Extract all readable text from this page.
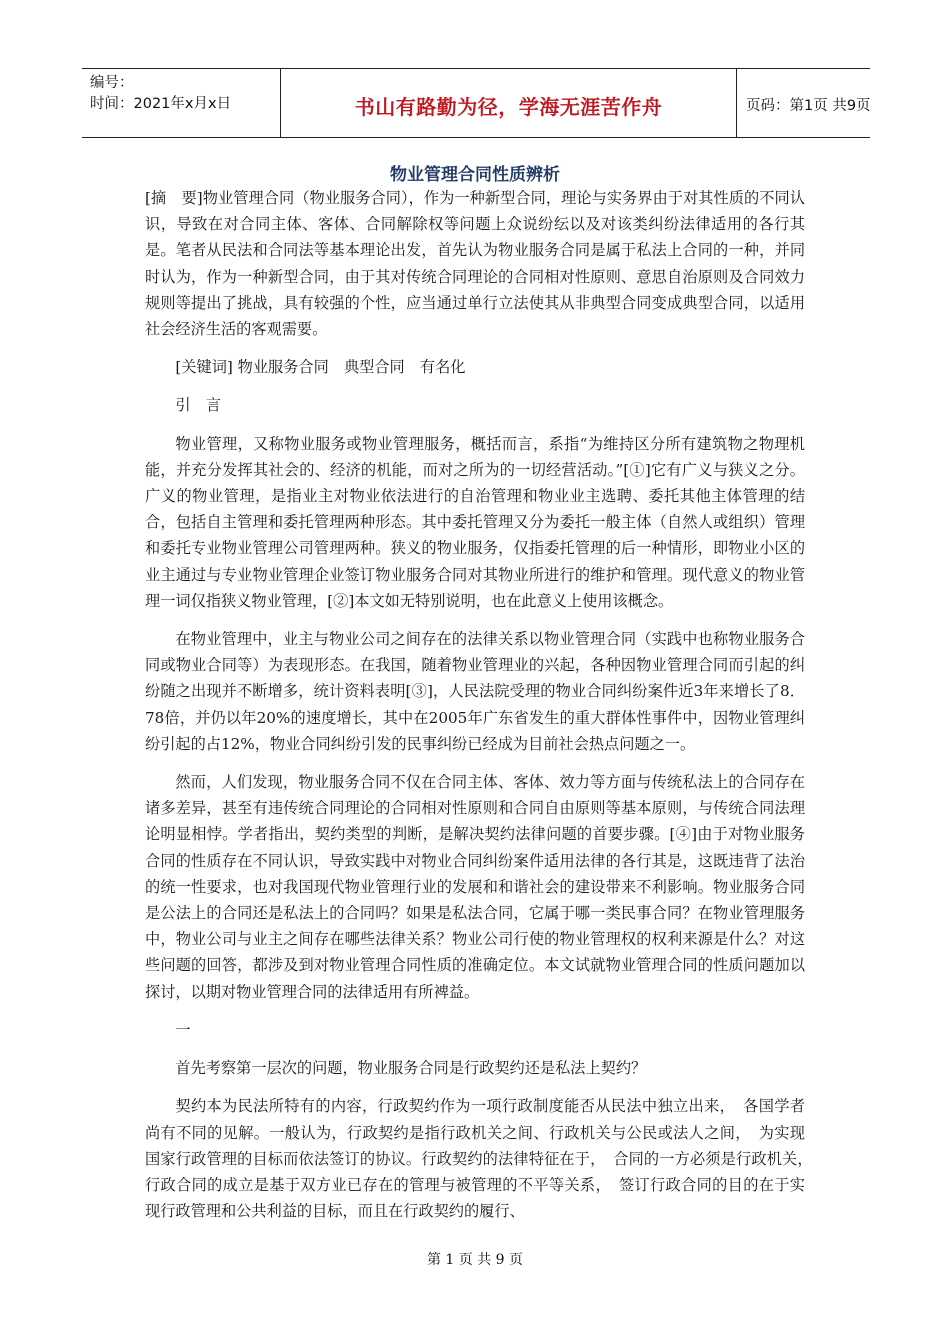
编号：
时间：2021年x月x日	书山有路勤为径，学海无涯苦作舟	页码：第1页 共9页
物业管理合同性质辨析

[摘　要]物业管理合同（物业服务合同），作为一种新型合同，理论与实务界由于对其性质的不同认识，导致在对合同主体、客体、合同解除权等问题上众说纷纭以及对该类纠纷法律适用的各行其是。笔者从民法和合同法等基本理论出发，首先认为物业服务合同是属于私法上合同的一种，并同时认为，作为一种新型合同，由于其对传统合同理论的合同相对性原则、意思自治原则及合同效力规则等提出了挑战，具有较强的个性，应当通过单行立法使其从非典型合同变成典型合同，以适用社会经济生活的客观需要。

[关键词] 物业服务合同　典型合同　有名化

引　言

物业管理，又称物业服务或物业管理服务，概括而言，系指“为维持区分所有建筑物之物理机能，并充分发挥其社会的、经济的机能，而对之所为的一切经营活动。”[①]它有广义与狭义之分。广义的物业管理，是指业主对物业依法进行的自治管理和物业业主选聘、委托其他主体管理的结合，包括自主管理和委托管理两种形态。其中委托管理又分为委托一般主体（自然人或组织）管理和委托专业物业管理公司管理两种。狭义的物业服务，仅指委托管理的后一种情形，即物业小区的业主通过与专业物业管理企业签订物业服务合同对其物业所进行的维护和管理。现代意义的物业管理一词仅指狭义物业管理，[②]本文如无特别说明，也在此意义上使用该概念。

在物业管理中，业主与物业公司之间存在的法律关系以物业管理合同（实践中也称物业服务合同或物业合同等）为表现形态。在我国，随着物业管理业的兴起，各种因物业管理合同而引起的纠纷随之出现并不断增多，统计资料表明[③]，人民法院受理的物业合同纠纷案件近3年来增长了8．78倍，并仍以年20%的速度增长，其中在2005年广东省发生的重大群体性事件中，因物业管理纠纷引起的占12%，物业合同纠纷引发的民事纠纷已经成为目前社会热点问题之一。

然而，人们发现，物业服务合同不仅在合同主体、客体、效力等方面与传统私法上的合同存在诸多差异，甚至有违传统合同理论的合同相对性原则和合同自由原则等基本原则，与传统合同法理论明显相悖。学者指出，契约类型的判断，是解决契约法律问题的首要步骤。[④]由于对物业服务合同的性质存在不同认识，导致实践中对物业合同纠纷案件适用法律的各行其是，这既违背了法治的统一性要求，也对我国现代物业管理行业的发展和和谐社会的建设带来不利影响。物业服务合同是公法上的合同还是私法上的合同吗？如果是私法合同，它属于哪一类民事合同？在物业管理服务中，物业公司与业主之间存在哪些法律关系？物业公司行使的物业管理权的权利来源是什么？对这些问题的回答，都涉及到对物业管理合同性质的准确定位。本文试就物业管理合同的性质问题加以探讨，以期对物业管理合同的法律适用有所裨益。

一

首先考察第一层次的问题，物业服务合同是行政契约还是私法上契约？

契约本为民法所特有的内容，行政契约作为一项行政制度能否从民法中独立出来，　各国学者尚有不同的见解。一般认为，行政契约是指行政机关之间、行政机关与公民或法人之间，　为实现国家行政管理的目标而依法签订的协议。行政契约的法律特征在于，　合同的一方必须是行政机关，　行政合同的成立是基于双方业已存在的管理与被管理的不平等关系，　签订行政合同的目的在于实现行政管理和公共利益的目标，而且在行政契约的履行、

第 1 页 共 9 页
